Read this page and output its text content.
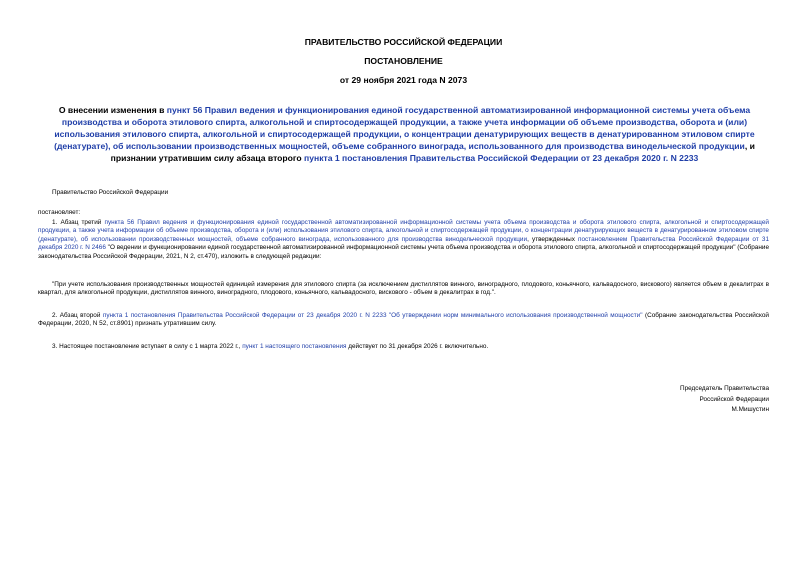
ПРАВИТЕЛЬСТВО РОССИЙСКОЙ ФЕДЕРАЦИИ
ПОСТАНОВЛЕНИЕ
от 29 ноября 2021 года N 2073
О внесении изменения в пункт 56 Правил ведения и функционирования единой государственной автоматизированной информационной системы учета объема производства и оборота этилового спирта, алкогольной и спиртосодержащей продукции, а также учета информации об объеме производства, оборота и (или) использования этилового спирта, алкогольной и спиртосодержащей продукции, о концентрации денатурирующих веществ в денатурированном этиловом спирте (денатурате), об использовании производственных мощностей, объеме собранного винограда, использованного для производства винодельческой продукции, и признании утратившим силу абзаца второго пункта 1 постановления Правительства Российской Федерации от 23 декабря 2020 г. N 2233
Правительство Российской Федерации
постановляет:
1. Абзац третий пункта 56 Правил ведения и функционирования единой государственной автоматизированной информационной системы учета объема производства и оборота этилового спирта, алкогольной и спиртосодержащей продукции, а также учета информации об объеме производства, оборота и (или) использования этилового спирта, алкогольной и спиртосодержащей продукции, о концентрации денатурирующих веществ в денатурированном этиловом спирте (денатурате), об использовании производственных мощностей, объеме собранного винограда, использованного для производства винодельческой продукции, утвержденных постановлением Правительства Российской Федерации от 31 декабря 2020 г. N 2466 "О ведении и функционировании единой государственной автоматизированной информационной системы учета объема производства и оборота этилового спирта, алкогольной и спиртосодержащей продукции" (Собрание законодательства Российской Федерации, 2021, N 2, ст.470), изложить в следующей редакции:
"При учете использования производственных мощностей единицей измерения для этилового спирта (за исключением дистиллятов винного, виноградного, плодового, коньячного, кальвадосного, вискового) является объем в декалитрах в квартал, для алкогольной продукции, дистиллятов винного, виноградного, плодового, коньячного, кальвадосного, вискового - объем в декалитрах в год.".
2. Абзац второй пункта 1 постановления Правительства Российской Федерации от 23 декабря 2020 г. N 2233 "Об утверждении норм минимального использования производственной мощности" (Собрание законодательства Российской Федерации, 2020, N 52, ст.8901) признать утратившим силу.
3. Настоящее постановление вступает в силу с 1 марта 2022 г., пункт 1 настоящего постановления действует по 31 декабря 2026 г. включительно.
Председатель Правительства
Российской Федерации
М.Мишустин
